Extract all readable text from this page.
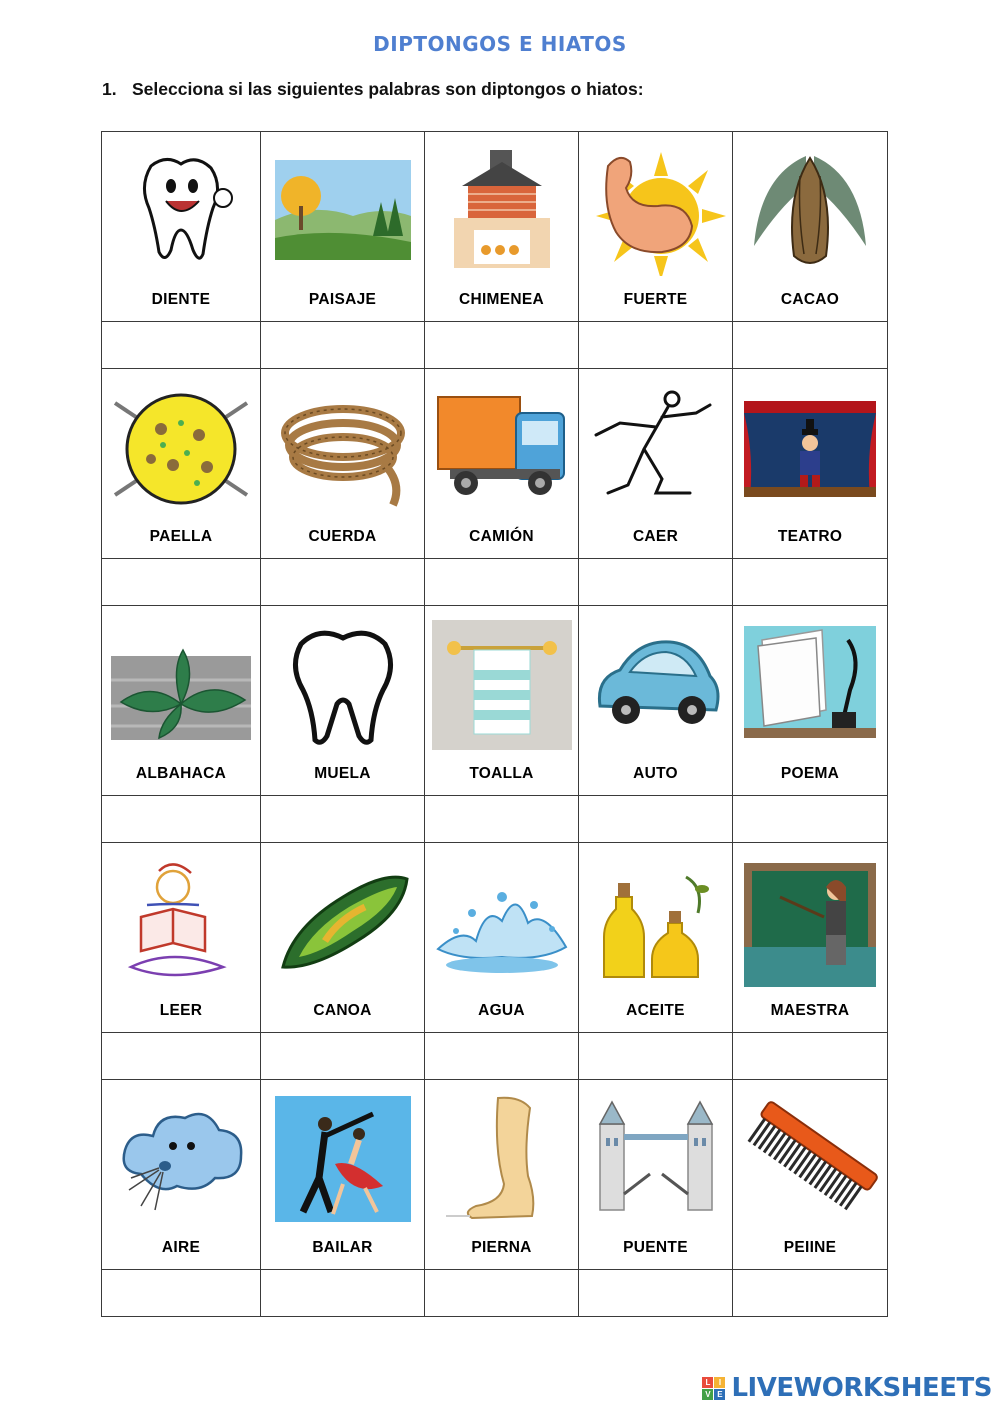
DIPTONGOS E HIATOS
1. Selecciona si las siguientes palabras son diptongos o hiatos:
DIENTE	PAISAJE	CHIMENEA	FUERTE	CACAO

PAELLA	CUERDA	CAMIÓN	CAER	TEATRO

ALBAHACA	MUELA	TOALLA	AUTO	POEMA

LEER	CANOA	AGUA	ACEITE	MAESTRA

AIRE	BAILAR	PIERNA	PUENTE	PEIINE

L	I
V E LIVEWORKSHEETS
